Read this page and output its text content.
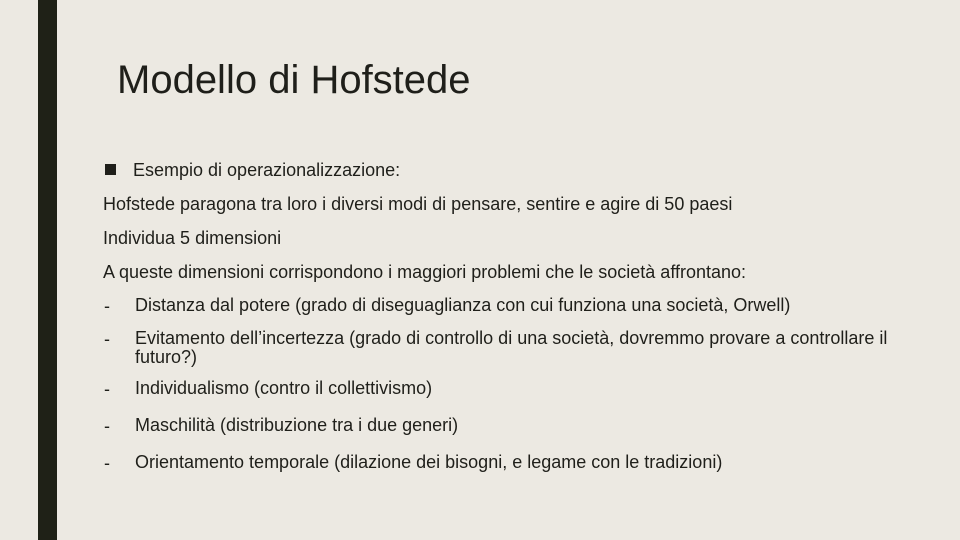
Modello di Hofstede
Esempio di operazionalizzazione:
Hofstede paragona tra loro i diversi modi di pensare, sentire e agire di 50 paesi
Individua 5 dimensioni
A queste dimensioni corrispondono i maggiori problemi che le società affrontano:
-	Distanza dal potere (grado di diseguaglianza con cui funziona una società, Orwell)
-	Evitamento dell’incertezza (grado di controllo di una società, dovremmo provare a controllare il futuro?)
-	Individualismo (contro il collettivismo)
-	Maschilità (distribuzione tra i due generi)
-	Orientamento temporale (dilazione dei bisogni, e legame con le tradizioni)
